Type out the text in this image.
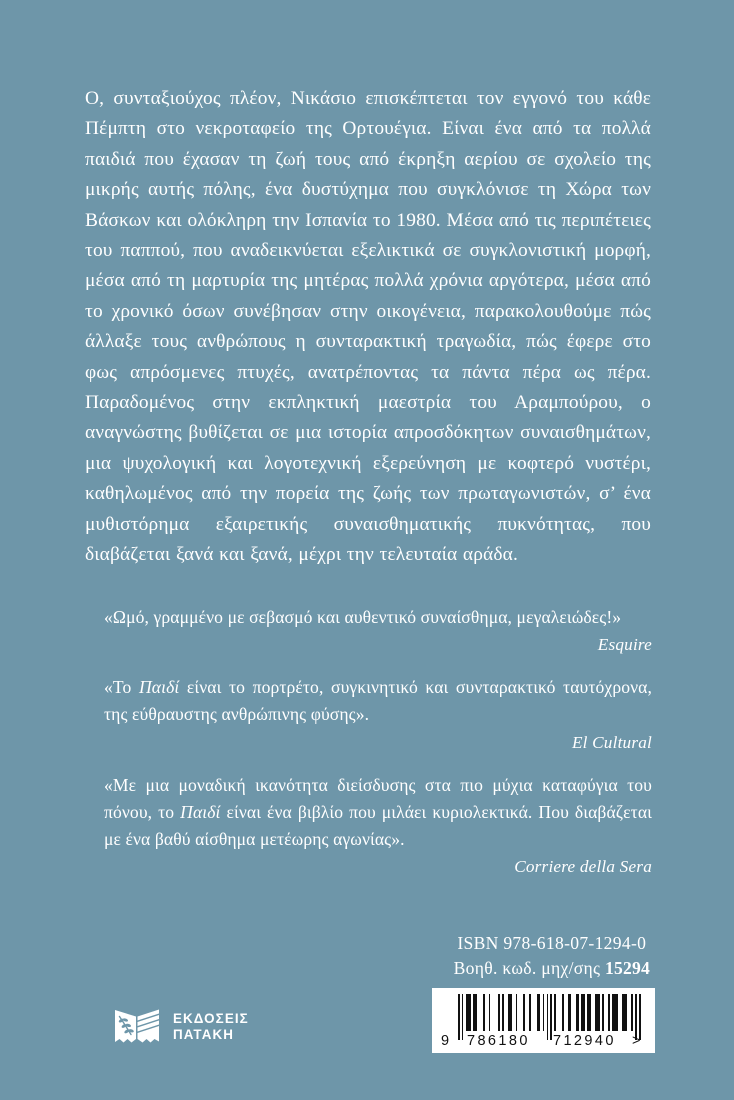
Ο, συνταξιούχος πλέον, Νικάσιο επισκέπτεται τον εγγονό του κάθε Πέμπτη στο νεκροταφείο της Ορτουέγια. Είναι ένα από τα πολλά παιδιά που έχασαν τη ζωή τους από έκρηξη αερίου σε σχολείο της μικρής αυτής πόλης, ένα δυστύχημα που συγκλόνισε τη Χώρα των Βάσκων και ολόκληρη την Ισπανία το 1980. Μέσα από τις περιπέτειες του παππού, που αναδεικνύεται εξελικτικά σε συγκλονιστική μορφή, μέσα από τη μαρτυρία της μητέρας πολλά χρόνια αργότερα, μέσα από το χρονικό όσων συνέβησαν στην οικογένεια, παρακολουθούμε πώς άλλαξε τους ανθρώπους η συνταρακτική τραγωδία, πώς έφερε στο φως απρόσμενες πτυχές, ανατρέποντας τα πάντα πέρα ως πέρα. Παραδομένος στην εκπληκτική μαεστρία του Αραμπούρου, ο αναγνώστης βυθίζεται σε μια ιστορία απροσδόκητων συναισθημάτων, μια ψυχολογική και λογοτεχνική εξερεύνηση με κοφτερό νυστέρι, καθηλωμένος από την πορεία της ζωής των πρωταγωνιστών, σ’ ένα μυθιστόρημα εξαιρετικής συναισθηματικής πυκνότητας, που διαβάζεται ξανά και ξανά, μέχρι την τελευταία αράδα.
«Ωμό, γραμμένο με σεβασμό και αυθεντικό συναίσθημα, μεγαλειώδες!»
Esquire
«Το Παιδί είναι το πορτρέτο, συγκινητικό και συνταρακτικό ταυτόχρονα, της εύθραυστης ανθρώπινης φύσης».
El Cultural
«Με μια μοναδική ικανότητα διείσδυσης στα πιο μύχια καταφύγια του πόνου, το Παιδί είναι ένα βιβλίο που μιλάει κυριολεκτικά. Που διαβάζεται με ένα βαθύ αίσθημα μετέωρης αγωνίας».
Corriere della Sera
ISBN 978-618-07-1294-0
Βοηθ. κωδ. μηχ/σης 15294
9 786180 712940 >
ΕΚΔΟΣΕΙΣ
ΠΑΤΑΚΗ
